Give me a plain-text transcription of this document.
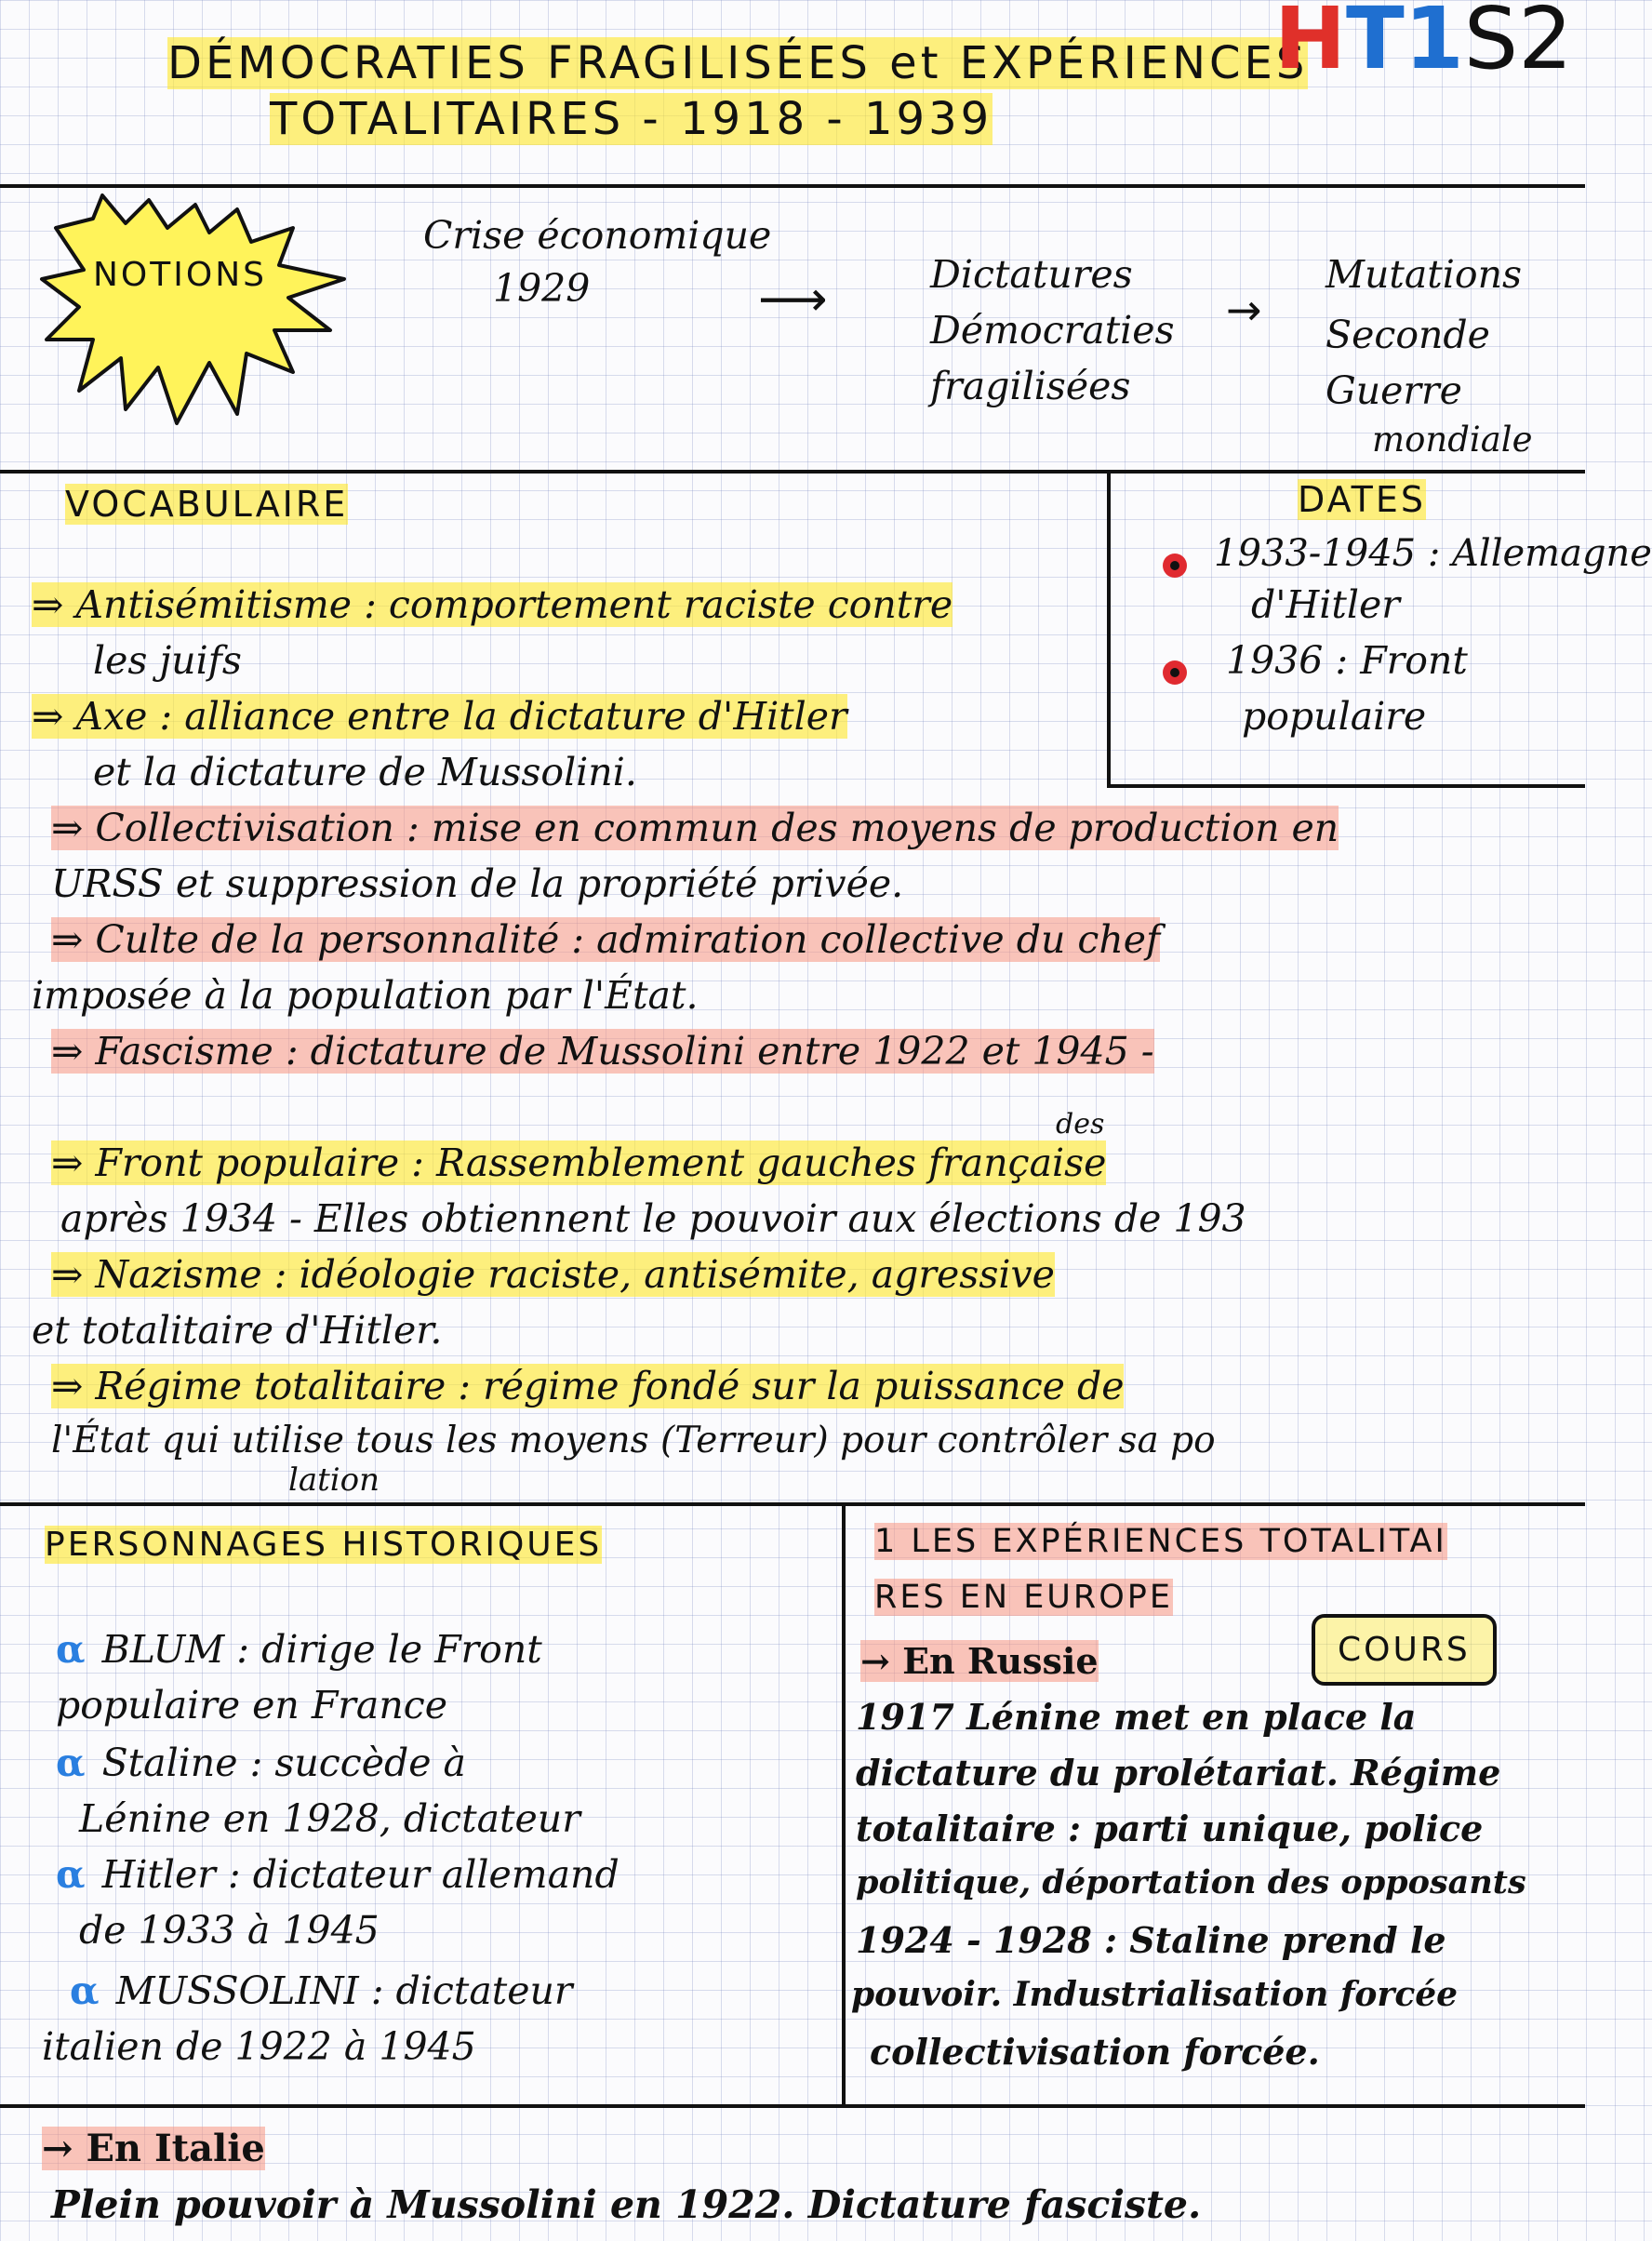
DÉMOCRATIES FRAGILISÉES et EXPÉRIENCES
TOTALITAIRES - 1918 - 1939
HT1S2
NOTIONS
Crise économique
1929	⟶	Dictatures
Démocraties
fragilisées
→
Mutations
Seconde
Guerre
mondiale
DATES
1933-1945 : Allemagne
d'Hitler
1936 : Front
populaire
VOCABULAIRE
⇒ Antisémitisme : comportement raciste contre
les juifs
⇒ Axe : alliance entre la dictature d'Hitler
et la dictature de Mussolini.
⇒ Collectivisation : mise en commun des moyens de production en
URSS et suppression de la propriété privée.
⇒ Culte de la personnalité : admiration collective du chef
imposée à la population par l'État.
⇒ Fascisme : dictature de Mussolini entre 1922 et 1945 -
des
⇒ Front populaire : Rassemblement gauches française
après 1934 - Elles obtiennent le pouvoir aux élections de 193
⇒ Nazisme : idéologie raciste, antisémite, agressive
et totalitaire d'Hitler.
⇒ Régime totalitaire : régime fondé sur la puissance de
l'État qui utilise tous les moyens (Terreur) pour contrôler sa po
lation
PERSONNAGES HISTORIQUES
α BLUM : dirige le Front
populaire en France
α Staline : succède à
Lénine en 1928, dictateur
α Hitler : dictateur allemand
de 1933 à 1945
α MUSSOLINI : dictateur
italien de 1922 à 1945
1 LES EXPÉRIENCES TOTALITAI
RES EN EUROPE
COURS
→ En Russie
1917 Lénine met en place la
dictature du prolétariat. Régime
totalitaire : parti unique, police
politique, déportation des opposants
1924 - 1928 : Staline prend le
pouvoir. Industrialisation forcée
collectivisation forcée.
→ En Italie
Plein pouvoir à Mussolini en 1922. Dictature fasciste.
